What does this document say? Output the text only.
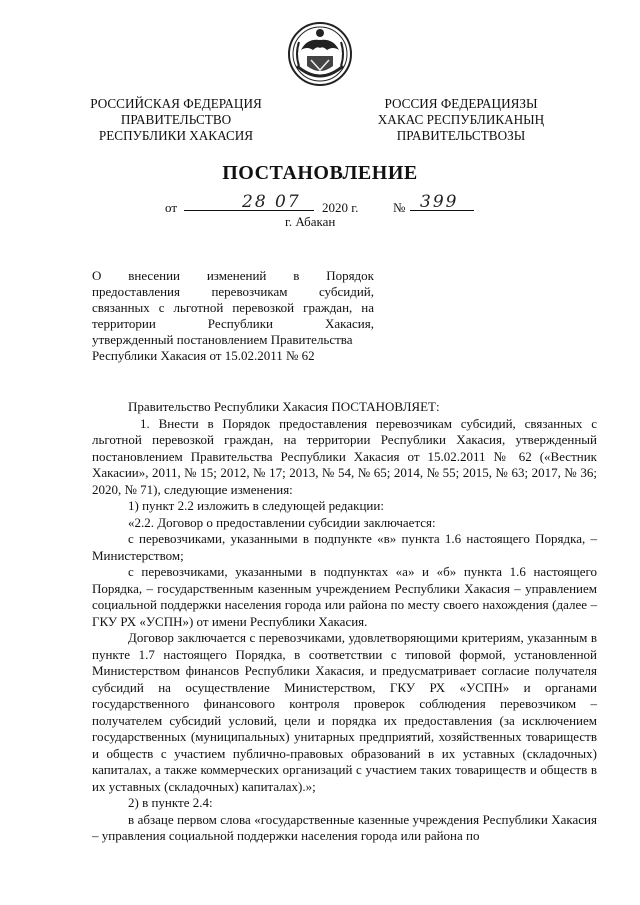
РОССИЙСКАЯ ФЕДЕРАЦИЯ
ПРАВИТЕЛЬСТВО
РЕСПУБЛИКИ ХАКАСИЯ
РОССИЯ ФЕДЕРАЦИЯЗЫ
ХАКАС РЕСПУБЛИКАНЫҢ
ПРАВИТЕЛЬСТВОЗЫ
ПОСТАНОВЛЕНИЕ
от	28 07 2020 г.	№ 399
г. Абакан
О внесении изменений в Порядок
предоставления перевозчикам субсидий,
связанных с льготной перевозкой граждан, на
территории Республики Хакасия,
утвержденный постановлением Правительства
Республики Хакасия от 15.02.2011 № 62

Правительство Республики Хакасия ПОСТАНОВЛЯЕТ:

1. Внести в Порядок предоставления перевозчикам субсидий, связанных с льготной перевозкой граждан, на территории Республики Хакасия, утвержденный постановлением Правительства Республики Хакасия от 15.02.2011 № 62 («Вестник Хакасии», 2011, № 15; 2012, № 17; 2013, № 54, № 65; 2014, № 55; 2015, № 63; 2017, № 36; 2020, № 71), следующие изменения:

1) пункт 2.2 изложить в следующей редакции:

«2.2. Договор о предоставлении субсидии заключается:

с перевозчиками, указанными в подпункте «в» пункта 1.6 настоящего Порядка, – Министерством;

с перевозчиками, указанными в подпунктах «а» и «б» пункта 1.6 настоящего Порядка, – государственным казенным учреждением Республики Хакасия – управлением социальной поддержки населения города или района по месту своего нахождения (далее – ГКУ РХ «УСПН») от имени Республики Хакасия.

Договор заключается с перевозчиками, удовлетворяющими критериям, указанным в пункте 1.7 настоящего Порядка, в соответствии с типовой формой, установленной Министерством финансов Республики Хакасия, и предусматривает согласие получателя субсидий на осуществление Министерством, ГКУ РХ «УСПН» и органами государственного финансового контроля проверок соблюдения перевозчиком – получателем субсидий условий, цели и порядка их предоставления (за исключением государственных (муниципальных) унитарных предприятий, хозяйственных товариществ и обществ с участием публично-правовых образований в их уставных (складочных) капиталах, а также коммерческих организаций с участием таких товариществ и обществ в их уставных (складочных) капиталах).»;

2) в пункте 2.4:

в абзаце первом слова «государственные казенные учреждения Республики Хакасия – управления социальной поддержки населения города или района по
